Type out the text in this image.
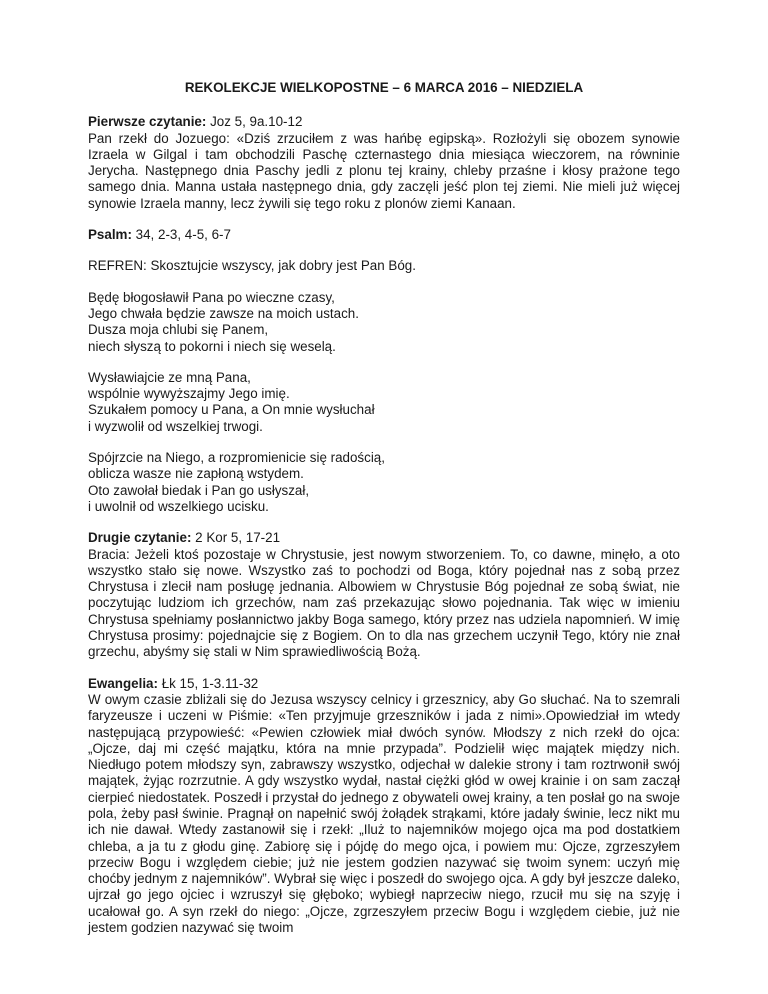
REKOLEKCJE WIELKOPOSTNE – 6 MARCA 2016 – NIEDZIELA

Pierwsze czytanie: Joz 5, 9a.10-12
Pan rzekł do Jozuego: «Dziś zrzuciłem z was hańbę egipską». Rozłożyli się obozem synowie Izraela w Gilgal i tam obchodzili Paschę czternastego dnia miesiąca wieczorem, na równinie Jerycha. Następnego dnia Paschy jedli z plonu tej krainy, chleby przaśne i kłosy prażone tego samego dnia. Manna ustała następnego dnia, gdy zaczęli jeść plon tej ziemi. Nie mieli już więcej synowie Izraela manny, lecz żywili się tego roku z plonów ziemi Kanaan.

Psalm: 34, 2-3, 4-5, 6-7

REFREN: Skosztujcie wszyscy, jak dobry jest Pan Bóg.

Będę błogosławił Pana po wieczne czasy,
Jego chwała będzie zawsze na moich ustach.
Dusza moja chlubi się Panem,
niech słyszą to pokorni i niech się weselą.

Wysławiajcie ze mną Pana,
wspólnie wywyższajmy Jego imię.
Szukałem pomocy u Pana, a On mnie wysłuchał
i wyzwolił od wszelkiej trwogi.

Spójrzcie na Niego, a rozpromienicie się radością,
oblicza wasze nie zapłoną wstydem.
Oto zawołał biedak i Pan go usłyszał,
i uwolnił od wszelkiego ucisku.

Drugie czytanie: 2 Kor 5, 17-21
Bracia: Jeżeli ktoś pozostaje w Chrystusie, jest nowym stworzeniem. To, co dawne, minęło, a oto wszystko stało się nowe. Wszystko zaś to pochodzi od Boga, który pojednał nas z sobą przez Chrystusa i zlecił nam posługę jednania. Albowiem w Chrystusie Bóg pojednał ze sobą świat, nie poczytując ludziom ich grzechów, nam zaś przekazując słowo pojednania. Tak więc w imieniu Chrystusa spełniamy posłannictwo jakby Boga samego, który przez nas udziela napomnień. W imię Chrystusa prosimy: pojednajcie się z Bogiem. On to dla nas grzechem uczynił Tego, który nie znał grzechu, abyśmy się stali w Nim sprawiedliwością Bożą.

Ewangelia: Łk 15, 1-3.11-32
W owym czasie zbliżali się do Jezusa wszyscy celnicy i grzesznicy, aby Go słuchać. Na to szemrali faryzeusze i uczeni w Piśmie: «Ten przyjmuje grzeszników i jada z nimi».Opowiedział im wtedy następującą przypowieść: «Pewien człowiek miał dwóch synów. Młodszy z nich rzekł do ojca: „Ojcze, daj mi część majątku, która na mnie przypada”. Podzielił więc majątek między nich. Niedługo potem młodszy syn, zabrawszy wszystko, odjechał w dalekie strony i tam roztrwonił swój majątek, żyjąc rozrzutnie. A gdy wszystko wydał, nastał ciężki głód w owej krainie i on sam zaczął cierpieć niedostatek. Poszedł i przystał do jednego z obywateli owej krainy, a ten posłał go na swoje pola, żeby pasł świnie. Pragnął on napełnić swój żołądek strąkami, które jadały świnie, lecz nikt mu ich nie dawał. Wtedy zastanowił się i rzekł: „Iluż to najemników mojego ojca ma pod dostatkiem chleba, a ja tu z głodu ginę. Zabiorę się i pójdę do mego ojca, i powiem mu: Ojcze, zgrzeszyłem przeciw Bogu i względem ciebie; już nie jestem godzien nazywać się twoim synem: uczyń mię choćby jednym z najemników”. Wybrał się więc i poszedł do swojego ojca. A gdy był jeszcze daleko, ujrzał go jego ojciec i wzruszył się głęboko; wybiegł naprzeciw niego, rzucił mu się na szyję i ucałował go. A syn rzekł do niego: „Ojcze, zgrzeszyłem przeciw Bogu i względem ciebie, już nie jestem godzien nazywać się twoim
